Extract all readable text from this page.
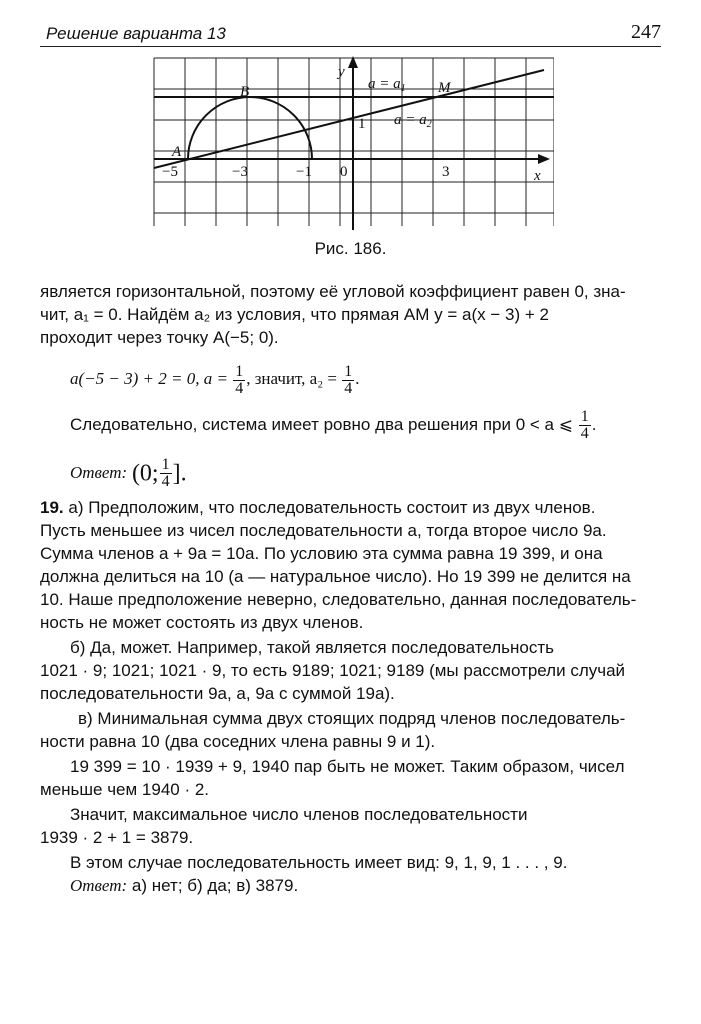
Решение варианта 13	247
y
x
A
B	M
$a = a_1$
$a = a_2$
1
0
−5	−3	−1	3
Рис. 186.
является горизонтальной, поэтому её угловой коэффициент равен 0, зна-
чит, a₁ = 0. Найдём a₂ из условия, что прямая AM y = a(x − 3) + 2
проходит через точку A(−5; 0).
a(−5 − 3) + 2 = 0, $a = \frac{1}{4}$ , значит, $a_2 = \frac{1}{4}$ .
Следовательно, система имеет ровно два решения при 0 < a ⩽ $\frac{1}{4}$ .
Ответ: (0; $\frac{1}{4}$ ].
19. а) Предположим, что последовательность состоит из двух членов.
Пусть меньшее из чисел последовательности a, тогда второе число 9a.
Сумма членов a + 9a = 10a. По условию эта сумма равна 19 399, и она
должна делиться на 10 (a — натуральное число). Но 19 399 не делится на
10. Наше предположение неверно, следовательно, данная последователь-
ность не может состоять из двух членов.
б) Да, может. Например, такой является последовательность
1021 · 9; 1021; 1021 · 9, то есть 9189; 1021; 9189 (мы рассмотрели случай
последовательности 9a, a, 9a с суммой 19a).
в) Минимальная сумма двух стоящих подряд членов последователь-
ности равна 10 (два соседних члена равны 9 и 1).
19 399 = 10 · 1939 + 9, 1940 пар быть не может. Таким образом, чисел
меньше чем 1940 · 2.
Значит, максимальное число членов последовательности
1939 · 2 + 1 = 3879.
В этом случае последовательность имеет вид: 9, 1, 9, 1 . . . , 9.
Ответ: а) нет; б) да; в) 3879.
